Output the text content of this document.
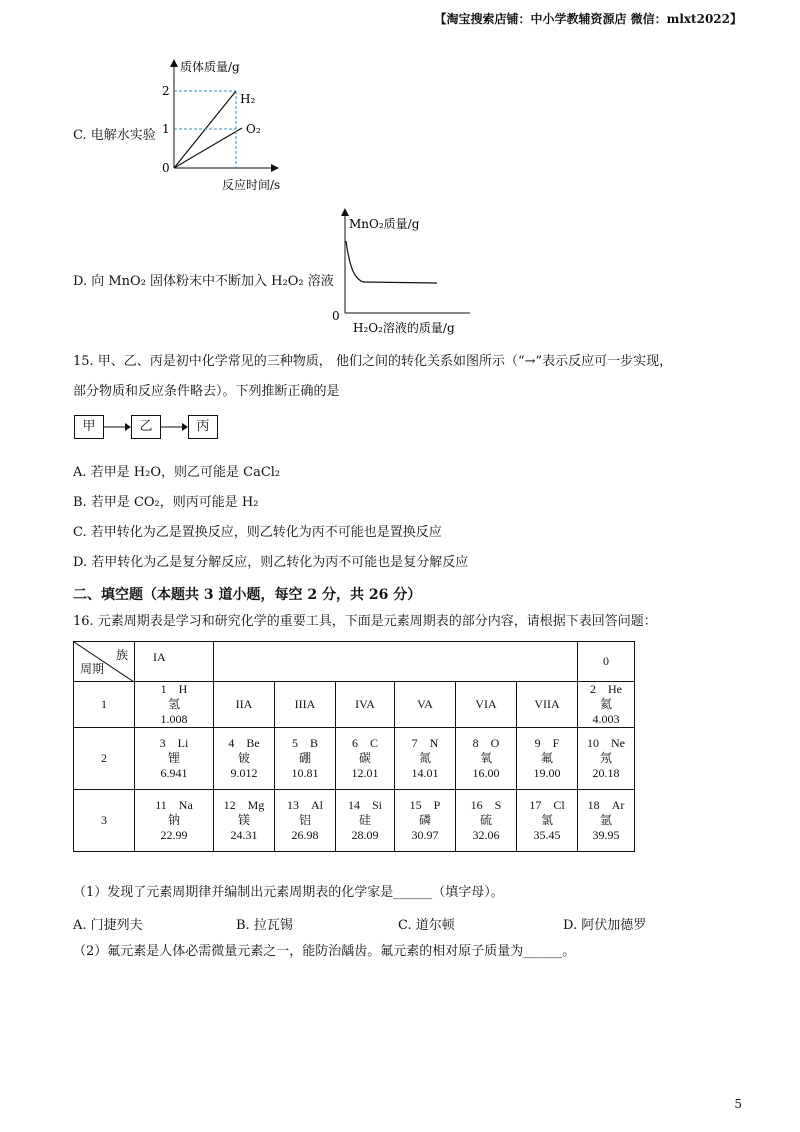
【淘宝搜索店铺：中小学教辅资源店 微信：mlxt2022】
C. 电解水实验
质体质量/g
2
1
0
H₂
O₂
反应时间/s
D. 向 MnO₂ 固体粉末中不断加入 H₂O₂ 溶液
MnO₂质量/g
0
H₂O₂溶液的质量/g
15. 甲、乙、丙是初中化学常见的三种物质， 他们之间的转化关系如图所示（“→”表示反应可一步实现，
部分物质和反应条件略去）。下列推断正确的是
甲	乙	丙
A. 若甲是 H₂O，则乙可能是 CaCl₂
B. 若甲是 CO₂，则丙可能是 H₂
C. 若甲转化为乙是置换反应，则乙转化为丙不可能也是置换反应
D. 若甲转化为乙是复分解反应，则乙转化为丙不可能也是复分解反应
二、填空题（本题共 3 道小题，每空 2 分，共 26 分）
16. 元素周期表是学习和研究化学的重要工具，下面是元素周期表的部分内容，请根据下表回答问题：
族
周期	IA							0
1	1 H
氢
1.008	IIA	IIIA	IVA	VA	VIA	VIIA	2 He
氦
4.003

2	3 Li
锂
6.941	4 Be
铍
9.012	5 B
硼
10.81	6 C
碳
12.01	7 N
氮
14.01	8 O
氧
16.00	9 F
氟
19.00	10 Ne
氖
20.18

3	11 Na
钠
22.99	12 Mg
镁
24.31	13 Al
铝
26.98	14 Si
硅
28.09	15 P
磷
30.97	16 S
硫
32.06	17 Cl
氯
35.45	18 Ar
氩
39.95
（1）发现了元素周期律并编制出元素周期表的化学家是______（填字母）。
A. 门捷列夫	B. 拉瓦锡	C. 道尔顿	D. 阿伏加德罗
（2）氟元素是人体必需微量元素之一，能防治龋齿。氟元素的相对原子质量为______。
5
